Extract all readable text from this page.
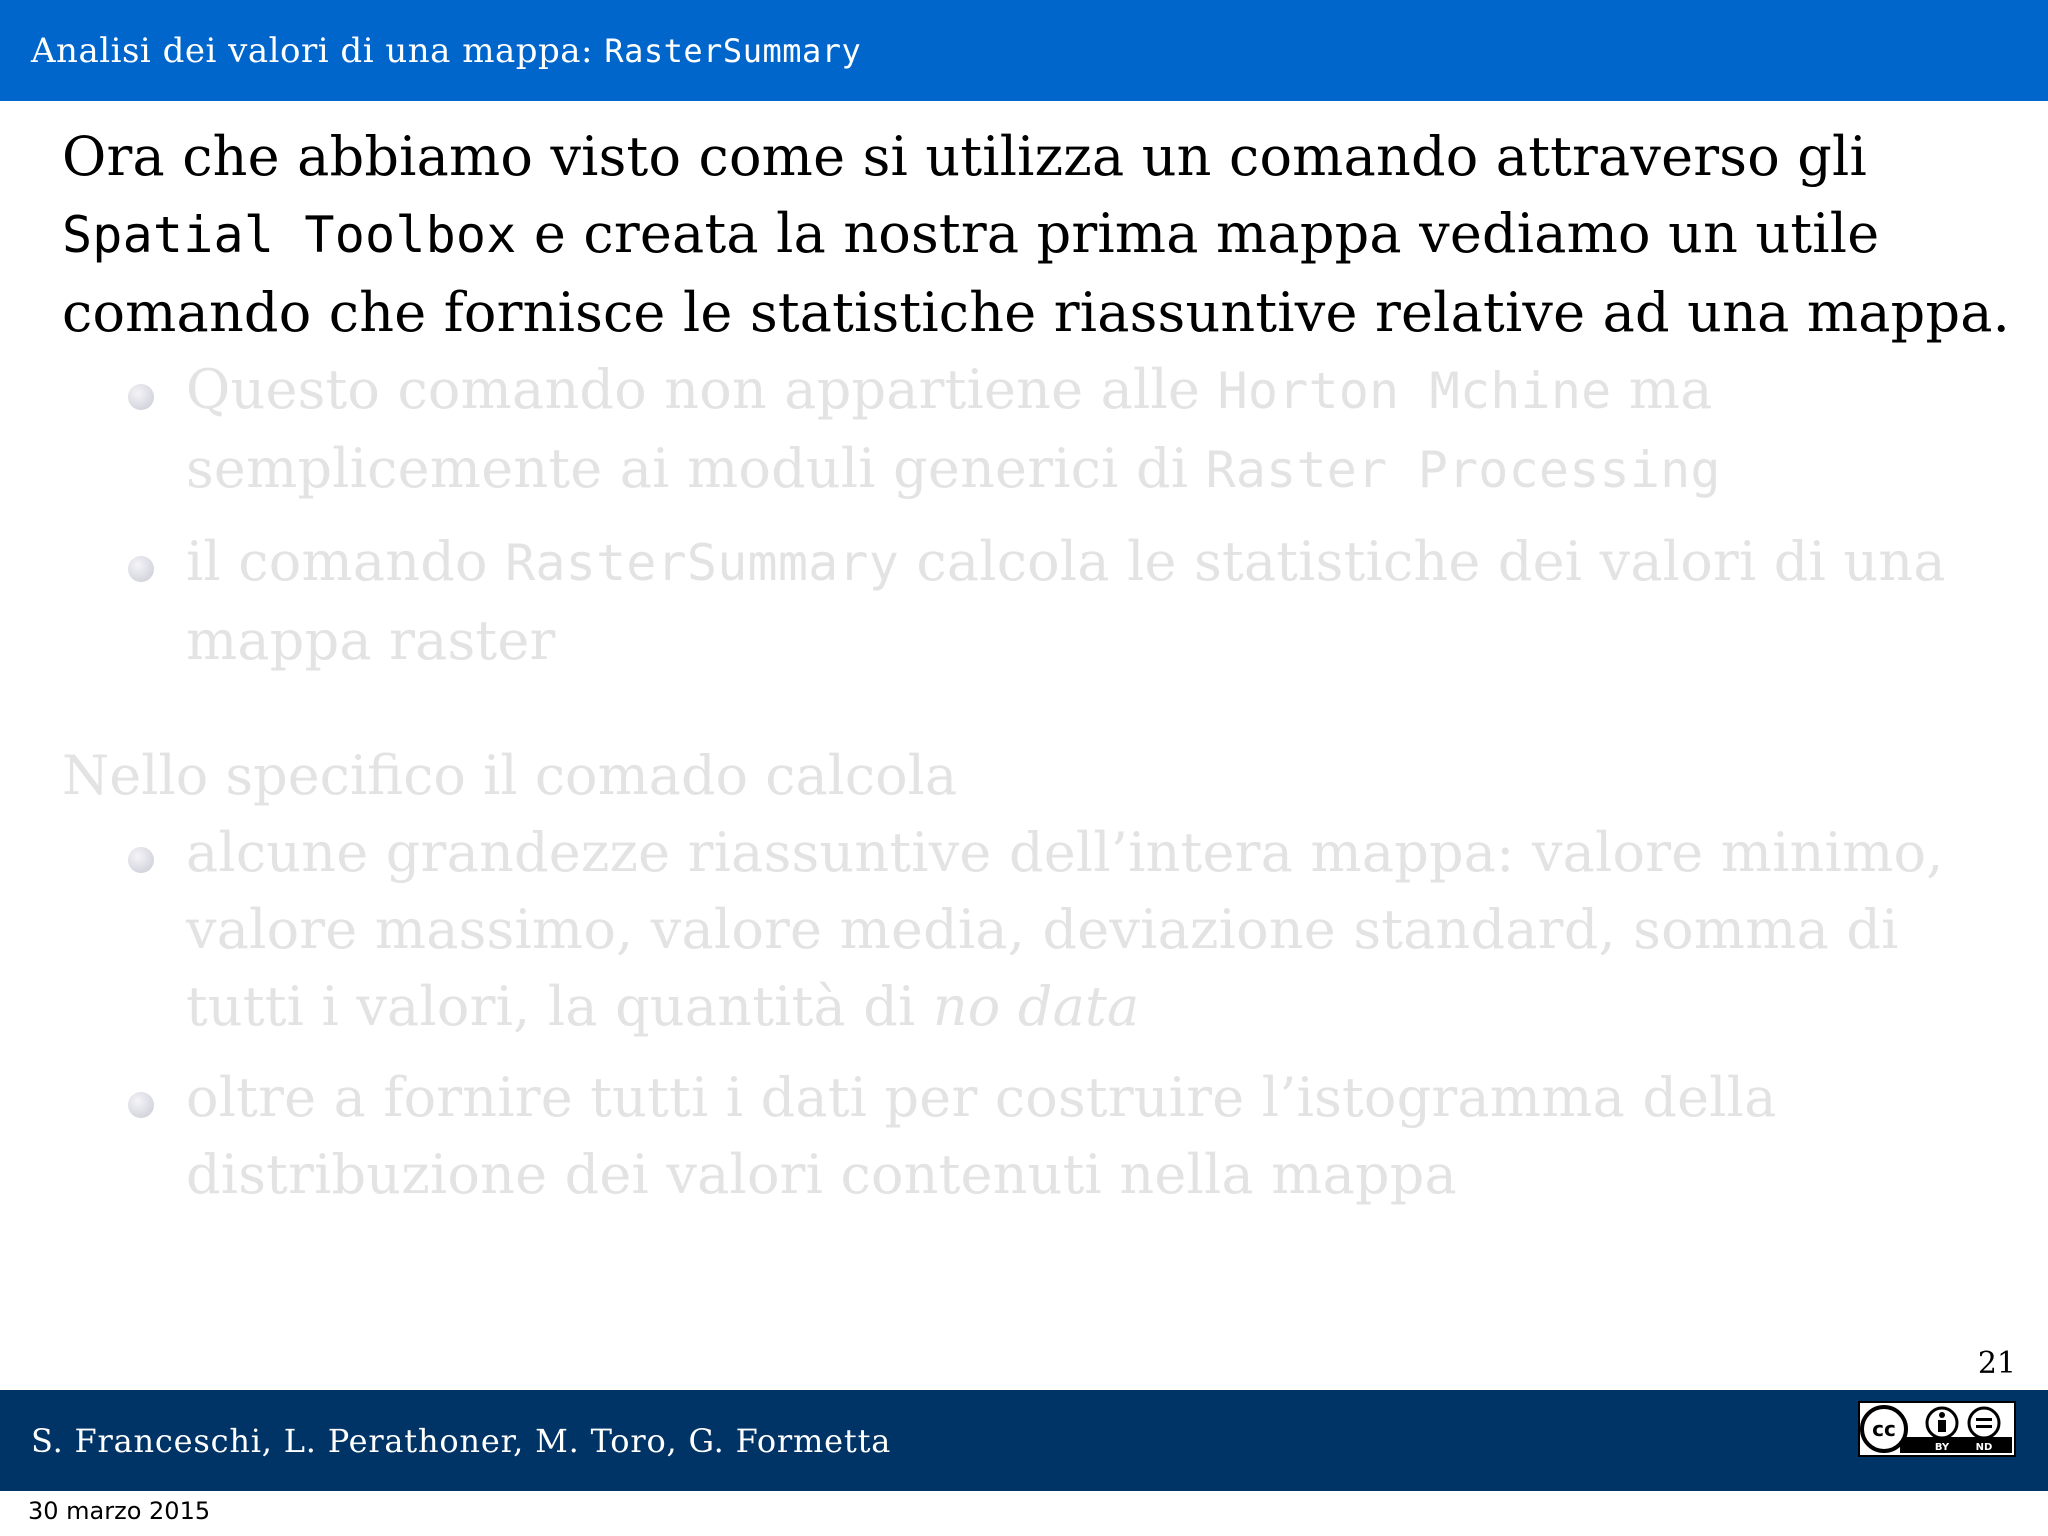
Analisi dei valori di una mappa: RasterSummary

Ora che abbiamo visto come si utilizza un comando attraverso gli Spatial Toolbox e creata la nostra prima mappa vediamo un utile comando che fornisce le statistiche riassuntive relative ad una mappa.

Questo comando non appartiene alle Horton Mchine ma semplicemente ai moduli generici di Raster Processing
il comando RasterSummary calcola le statistiche dei valori di una mappa raster

Nello specifico il comado calcola

alcune grandezze riassuntive dell’intera mappa: valore minimo, valore massimo, valore media, deviazione standard, somma di tutti i valori, la quantità di no data
oltre a fornire tutti i dati per costruire l’istogramma della distribuzione dei valori contenuti nella mappa
21
S. Franceschi, L. Perathoner, M. Toro, G. Formetta	cc
BY	ND
30 marzo 2015
